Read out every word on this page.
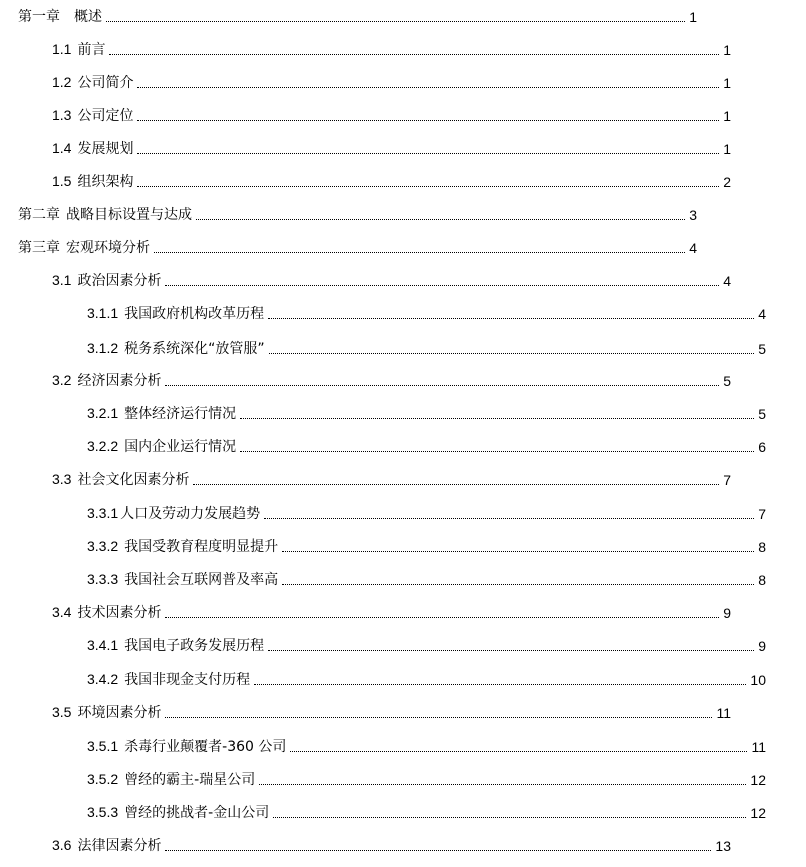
第一章 概述	1
1.1 前言	1
1.2 公司简介	1
1.3 公司定位	1
1.4 发展规划	1
1.5 组织架构	2
第二章 战略目标设置与达成	3
第三章 宏观环境分析	4
3.1 政治因素分析	4
3.1.1 我国政府机构改革历程	4
3.1.2 税务系统深化“放管服”	5
3.2 经济因素分析	5
3.2.1 整体经济运行情况	5
3.2.2 国内企业运行情况	6
3.3 社会文化因素分析	7
3.3.1 人口及劳动力发展趋势	7
3.3.2 我国受教育程度明显提升	8
3.3.3 我国社会互联网普及率高	8
3.4 技术因素分析	9
3.4.1 我国电子政务发展历程	9
3.4.2 我国非现金支付历程	10
3.5 环境因素分析	11
3.5.1 杀毒行业颠覆者-360 公司	11
3.5.2 曾经的霸主-瑞星公司	12
3.5.3 曾经的挑战者-金山公司	12
3.6 法律因素分析	13
